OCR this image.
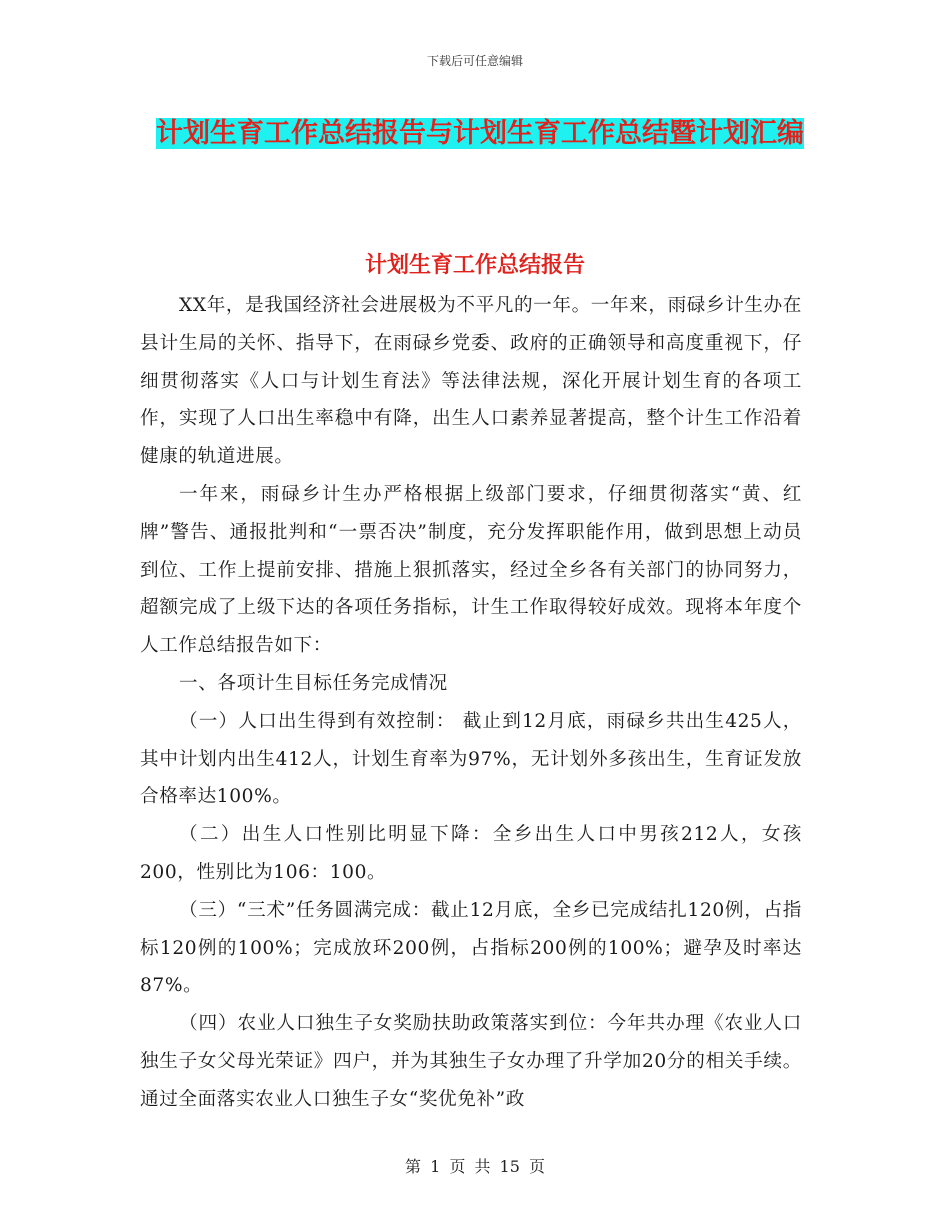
下载后可任意编辑
计划生育工作总结报告与计划生育工作总结暨计划汇编
计划生育工作总结报告

XX年，是我国经济社会进展极为不平凡的一年。一年来，雨碌乡计生办在县计生局的关怀、指导下，在雨碌乡党委、政府的正确领导和高度重视下，仔细贯彻落实《人口与计划生育法》等法律法规，深化开展计划生育的各项工作，实现了人口出生率稳中有降，出生人口素养显著提高，整个计生工作沿着健康的轨道进展。

一年来，雨碌乡计生办严格根据上级部门要求，仔细贯彻落实“黄、红牌”警告、通报批判和“一票否决”制度，充分发挥职能作用，做到思想上动员到位、工作上提前安排、措施上狠抓落实，经过全乡各有关部门的协同努力，超额完成了上级下达的各项任务指标，计生工作取得较好成效。现将本年度个人工作总结报告如下：

一、各项计生目标任务完成情况

（一）人口出生得到有效控制： 截止到12月底，雨碌乡共出生425人，其中计划内出生412人，计划生育率为97%，无计划外多孩出生，生育证发放合格率达100%。

（二）出生人口性别比明显下降：全乡出生人口中男孩212人，女孩200，性别比为106：100。

（三）“三术”任务圆满完成：截止12月底，全乡已完成结扎120例，占指标120例的100%；完成放环200例，占指标200例的100%；避孕及时率达87%。

（四）农业人口独生子女奖励扶助政策落实到位：今年共办理《农业人口独生子女父母光荣证》四户，并为其独生子女办理了升学加20分的相关手续。通过全面落实农业人口独生子女“奖优免补”政

第 1 页 共 15 页
